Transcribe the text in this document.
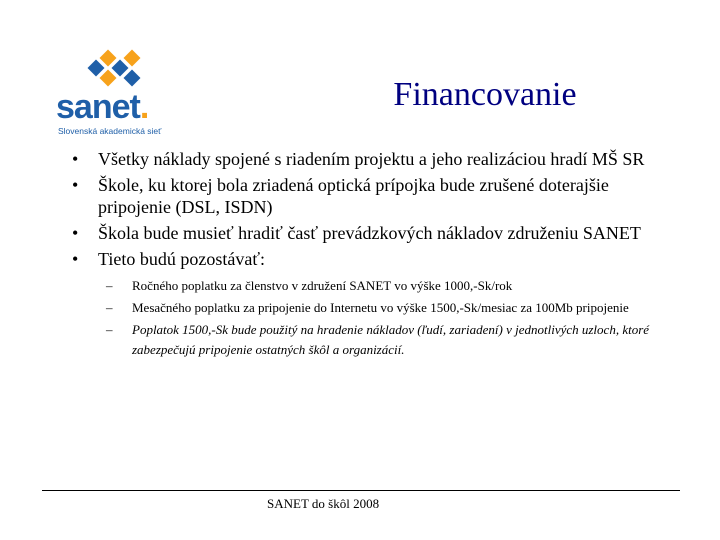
sanet.
Slovenská akademická sieť
Financovanie
• Všetky náklady spojené s riadením projektu a jeho realizáciou hradí MŠ SR
• Škole, ku ktorej bola zriadená optická prípojka bude zrušené doterajšie pripojenie (DSL, ISDN)
• Škola bude musieť hradiť časť prevádzkových nákladov združeniu SANET
• Tieto budú pozostávať:
– Ročného poplatku za členstvo v združení SANET vo výške 1000,-Sk/rok
– Mesačného poplatku za pripojenie do Internetu vo výške 1500,-Sk/mesiac za 100Mb pripojenie
– Poplatok 1500,-Sk bude použitý na hradenie nákladov (ľudí, zariadení) v jednotlivých uzloch, ktoré zabezpečujú pripojenie ostatných škôl a organizácií.
SANET do škôl 2008
